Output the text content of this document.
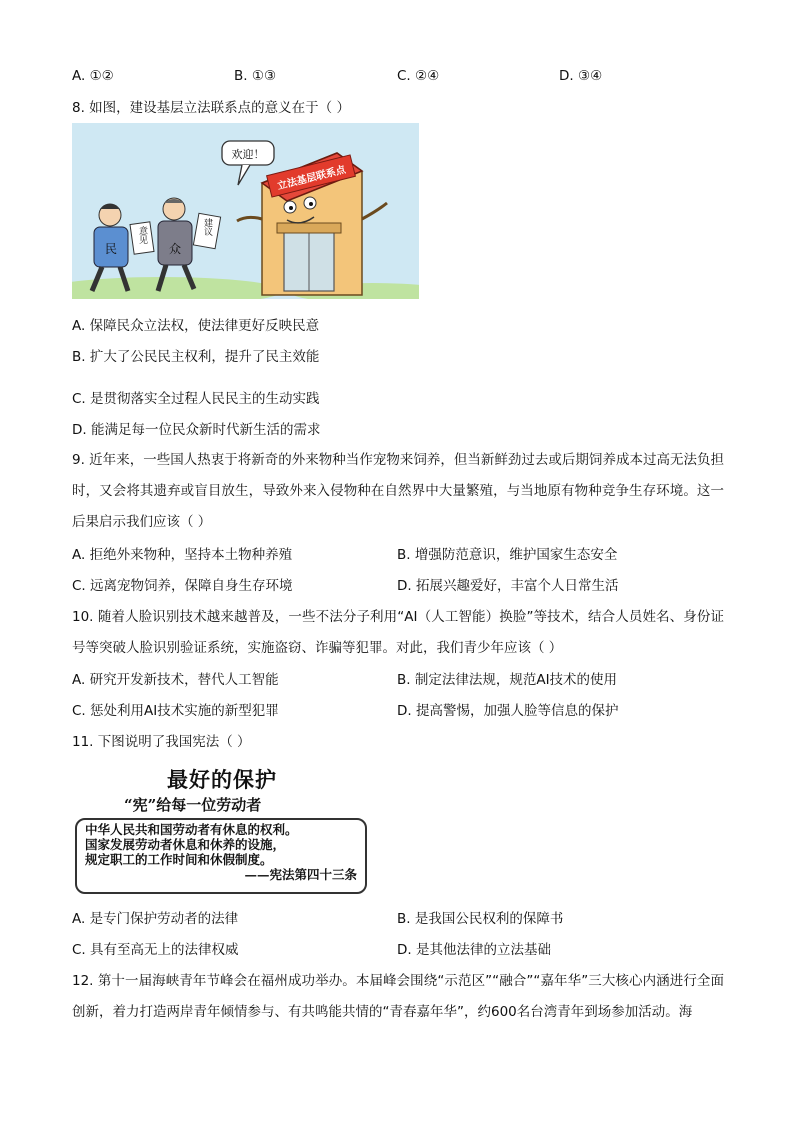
A. ①②	B. ①③	C. ②④	D. ③④
8. 如图，建设基层立法联系点的意义在于（ ）
立法基层联系点
欢迎！
民
意见
众
建议
A. 保障民众立法权，使法律更好反映民意
B. 扩大了公民民主权利，提升了民主效能
C. 是贯彻落实全过程人民民主的生动实践
D. 能满足每一位民众新时代新生活的需求
9. 近年来，一些国人热衷于将新奇的外来物种当作宠物来饲养，但当新鲜劲过去或后期饲养成本过高无法负担时，又会将其遗弃或盲目放生，导致外来入侵物种在自然界中大量繁殖，与当地原有物种竞争生存环境。这一后果启示我们应该（ ）
A. 拒绝外来物种，坚持本土物种养殖	B. 增强防范意识，维护国家生态安全
C. 远离宠物饲养，保障自身生存环境	D. 拓展兴趣爱好，丰富个人日常生活
10. 随着人脸识别技术越来越普及，一些不法分子利用“AI（人工智能）换脸”等技术，结合人员姓名、身份证号等突破人脸识别验证系统，实施盗窃、诈骗等犯罪。对此，我们青少年应该（ ）
A. 研究开发新技术，替代人工智能	B. 制定法律法规，规范AI技术的使用
C. 惩处利用AI技术实施的新型犯罪	D. 提高警惕，加强人脸等信息的保护
11. 下图说明了我国宪法（ ）
最好的保护
“宪”给每一位劳动者
中华人民共和国劳动者有休息的权利。
国家发展劳动者休息和休养的设施，
规定职工的工作时间和休假制度。
——宪法第四十三条
A. 是专门保护劳动者的法律	B. 是我国公民权利的保障书
C. 具有至高无上的法律权威	D. 是其他法律的立法基础
12. 第十一届海峡青年节峰会在福州成功举办。本届峰会围绕“示范区”“融合”“嘉年华”三大核心内涵进行全面创新，着力打造两岸青年倾情参与、有共鸣能共情的“青春嘉年华”，约600名台湾青年到场参加活动。海
